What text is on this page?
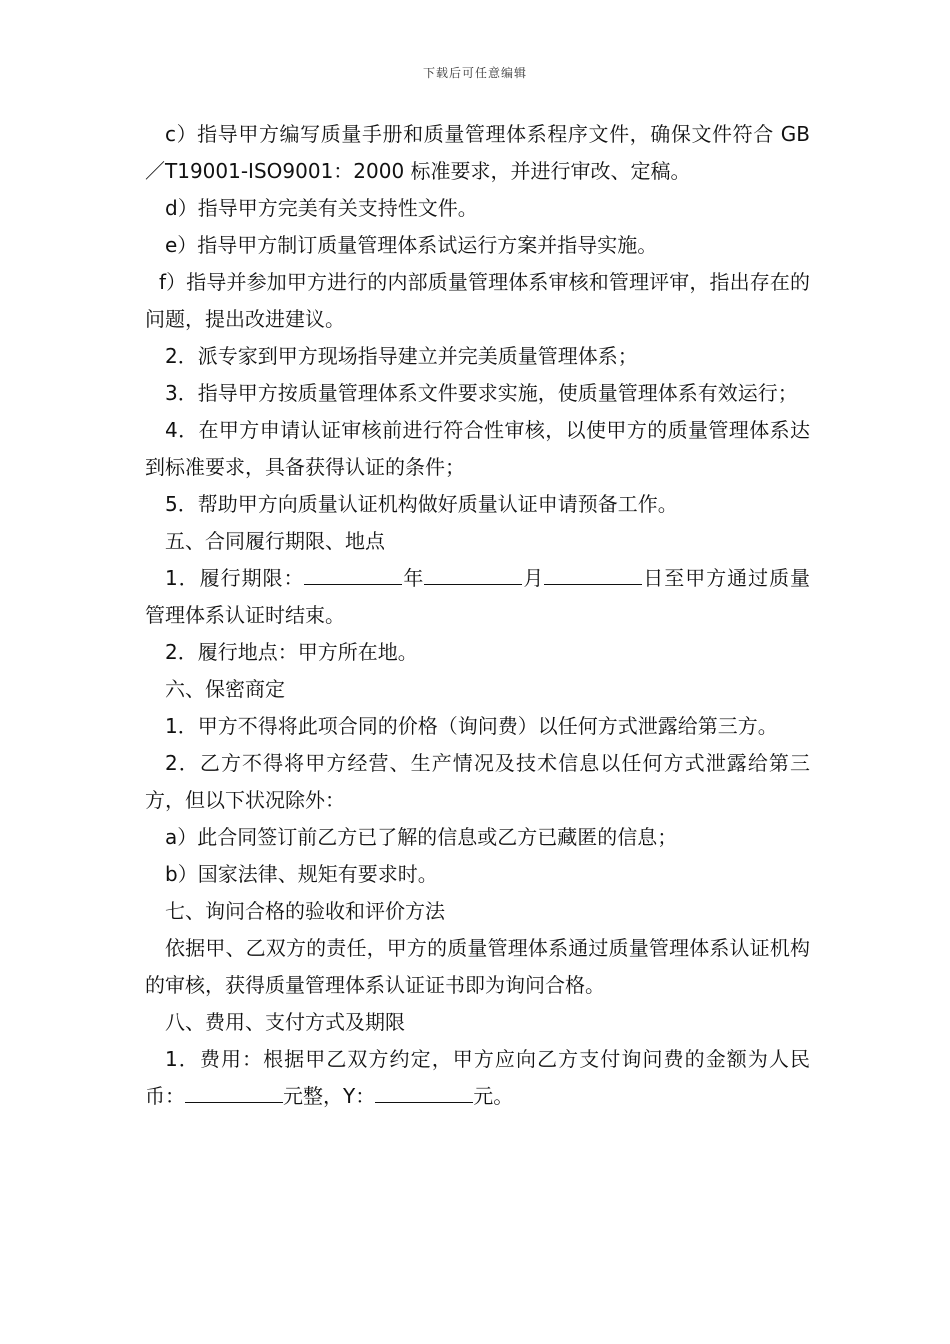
下载后可任意编辑

c）指导甲方编写质量手册和质量管理体系程序文件，确保文件符合 GB／T19001-ISO9001：2000 标准要求，并进行审改、定稿。

d）指导甲方完美有关支持性文件。

e）指导甲方制订质量管理体系试运行方案并指导实施。

f）指导并参加甲方进行的内部质量管理体系审核和管理评审，指出存在的问题，提出改进建议。

2．派专家到甲方现场指导建立并完美质量管理体系；

3．指导甲方按质量管理体系文件要求实施，使质量管理体系有效运行；

4．在甲方申请认证审核前进行符合性审核，以使甲方的质量管理体系达到标准要求，具备获得认证的条件；

5．帮助甲方向质量认证机构做好质量认证申请预备工作。

五、合同履行期限、地点

1．履行期限：	年	月	日至甲方通过质量管理体系认证时结束。

2．履行地点：甲方所在地。

六、保密商定

1．甲方不得将此项合同的价格（询问费）以任何方式泄露给第三方。

2．乙方不得将甲方经营、生产情况及技术信息以任何方式泄露给第三方，但以下状况除外：

a）此合同签订前乙方已了解的信息或乙方已藏匿的信息；

b）国家法律、规矩有要求时。

七、询问合格的验收和评价方法

依据甲、乙双方的责任，甲方的质量管理体系通过质量管理体系认证机构的审核，获得质量管理体系认证证书即为询问合格。

八、费用、支付方式及期限

1．费用：根据甲乙双方约定，甲方应向乙方支付询问费的金额为人民币：	元整，Y：	元。
